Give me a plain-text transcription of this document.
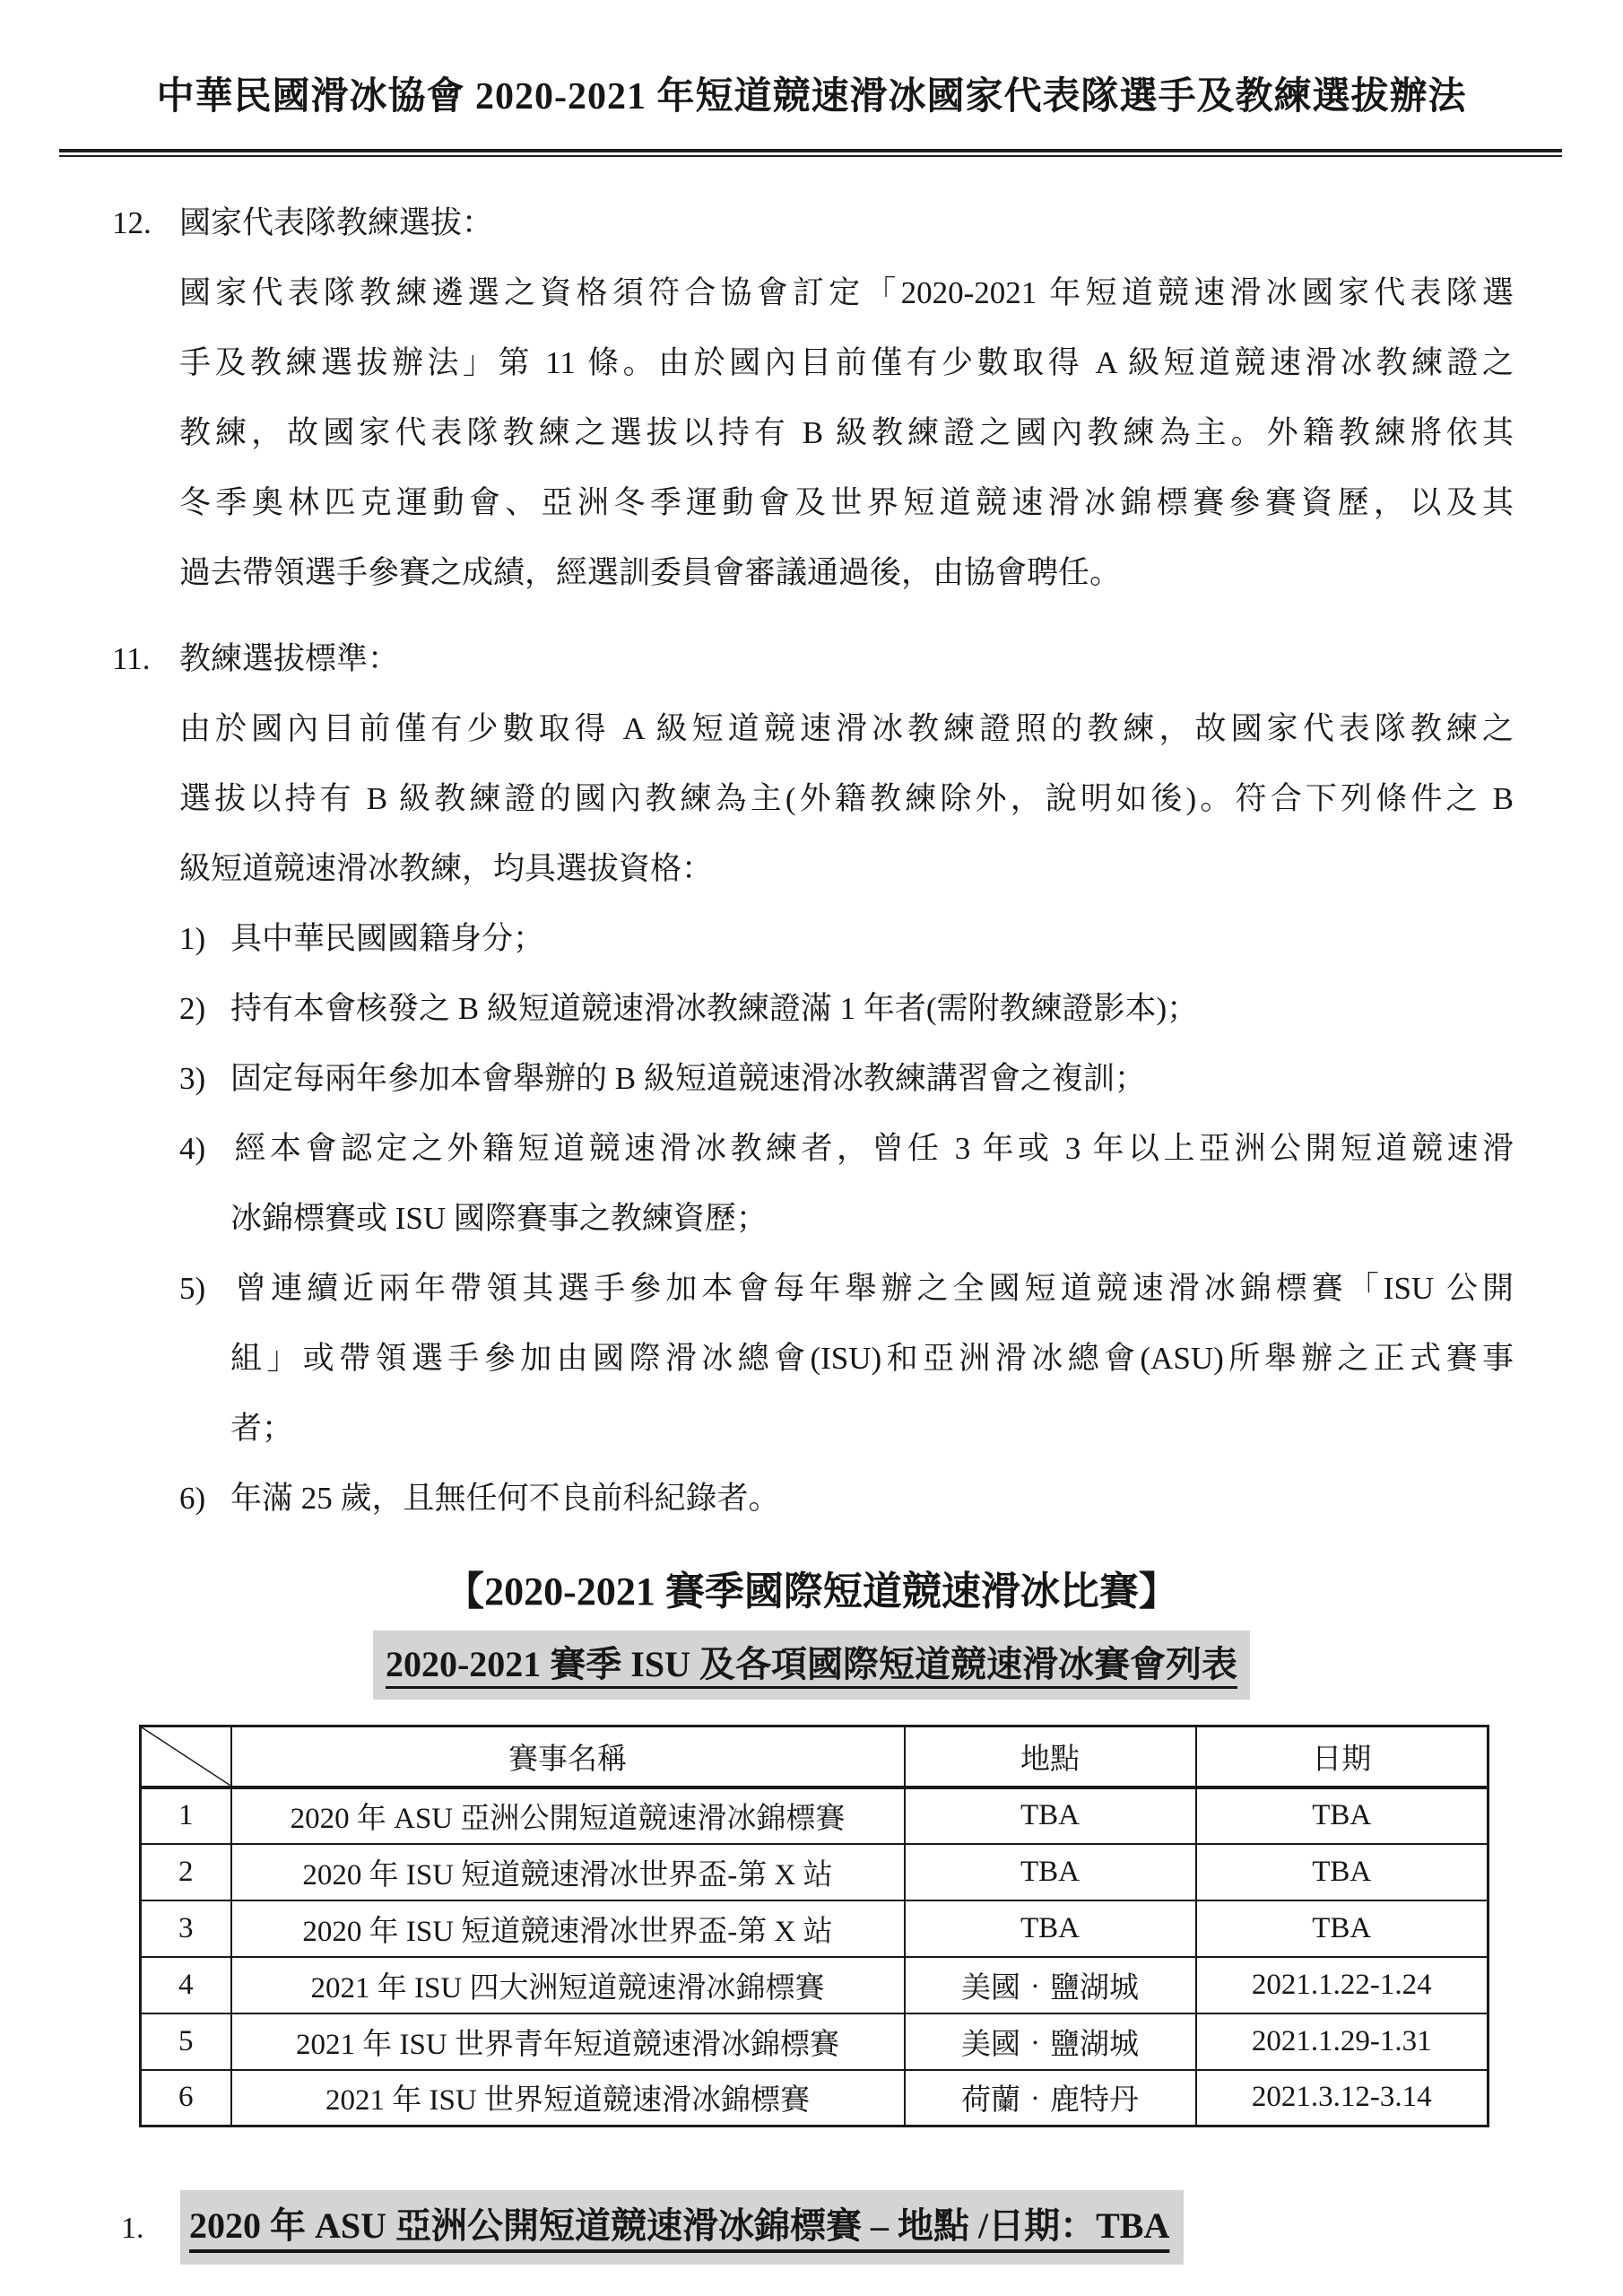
中華民國滑冰協會 2020-2021 年短道競速滑冰國家代表隊選手及教練選拔辦法
12. 國家代表隊教練選拔：
國家代表隊教練遴選之資格須符合協會訂定「2020-2021 年短道競速滑冰國家代表隊選
手及教練選拔辦法」第 11 條。由於國內目前僅有少數取得 A 級短道競速滑冰教練證之
教練，故國家代表隊教練之選拔以持有 B 級教練證之國內教練為主。外籍教練將依其
冬季奧林匹克運動會、亞洲冬季運動會及世界短道競速滑冰錦標賽參賽資歷，以及其
過去帶領選手參賽之成績，經選訓委員會審議通過後，由協會聘任。
11. 教練選拔標準：
由於國內目前僅有少數取得 A 級短道競速滑冰教練證照的教練，故國家代表隊教練之
選拔以持有 B 級教練證的國內教練為主(外籍教練除外，說明如後)。符合下列條件之 B
級短道競速滑冰教練，均具選拔資格：
1) 具中華民國國籍身分；
2) 持有本會核發之 B 級短道競速滑冰教練證滿 1 年者(需附教練證影本)；
3) 固定每兩年參加本會舉辦的 B 級短道競速滑冰教練講習會之複訓；
4) 經本會認定之外籍短道競速滑冰教練者，曾任 3 年或 3 年以上亞洲公開短道競速滑
冰錦標賽或 ISU 國際賽事之教練資歷；
5) 曾連續近兩年帶領其選手參加本會每年舉辦之全國短道競速滑冰錦標賽「ISU 公開
組」或帶領選手參加由國際滑冰總會(ISU)和亞洲滑冰總會(ASU)所舉辦之正式賽事
者；
6) 年滿 25 歲，且無任何不良前科紀錄者。
【2020-2021 賽季國際短道競速滑冰比賽】
2020-2021 賽季 ISU 及各項國際短道競速滑冰賽會列表
	賽事名稱	地點	日期
1	2020 年 ASU 亞洲公開短道競速滑冰錦標賽	TBA	TBA
2	2020 年 ISU 短道競速滑冰世界盃-第 X 站	TBA	TBA
3	2020 年 ISU 短道競速滑冰世界盃-第 X 站	TBA	TBA
4	2021 年 ISU 四大洲短道競速滑冰錦標賽	美國‧鹽湖城	2021.1.22-1.24
5	2021 年 ISU 世界青年短道競速滑冰錦標賽	美國‧鹽湖城	2021.1.29-1.31
6	2021 年 ISU 世界短道競速滑冰錦標賽	荷蘭‧鹿特丹	2021.3.12-3.14
1.	2020 年 ASU 亞洲公開短道競速滑冰錦標賽 – 地點 /日期：TBA
